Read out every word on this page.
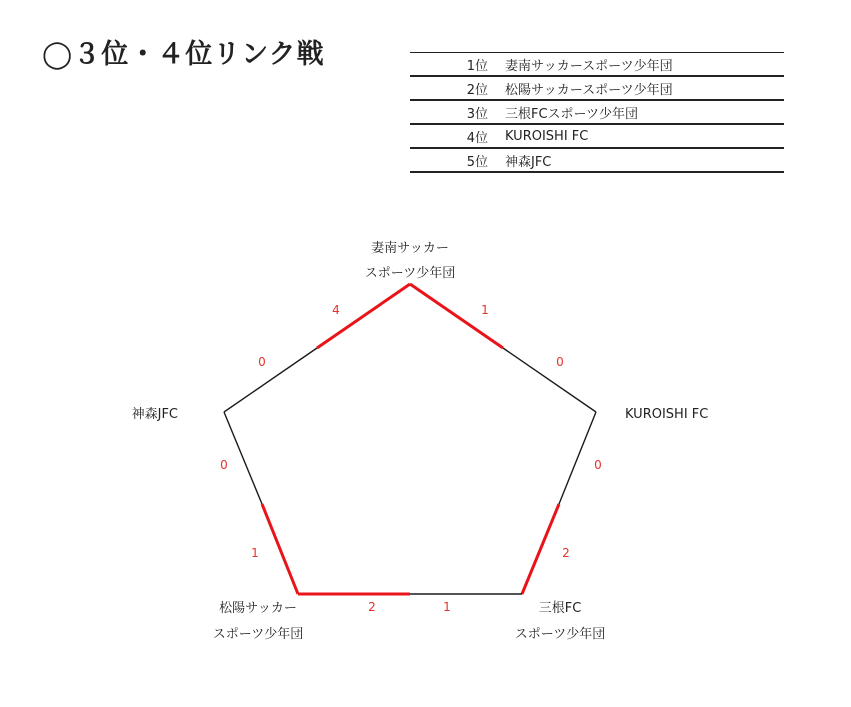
◯３位・４位リンク戦	1位	妻南サッカースポーツ少年団
2位	松陽サッカースポーツ少年団
3位	三根FCスポーツ少年団
4位	KUROISHI FC
5位	神森JFC
妻南サッカー
スポーツ少年団
KUROISHI FC
三根FC
スポーツ少年団
松陽サッカー
スポーツ少年団
神森JFC
1
0
0
2
1
2
1
0
0
4
